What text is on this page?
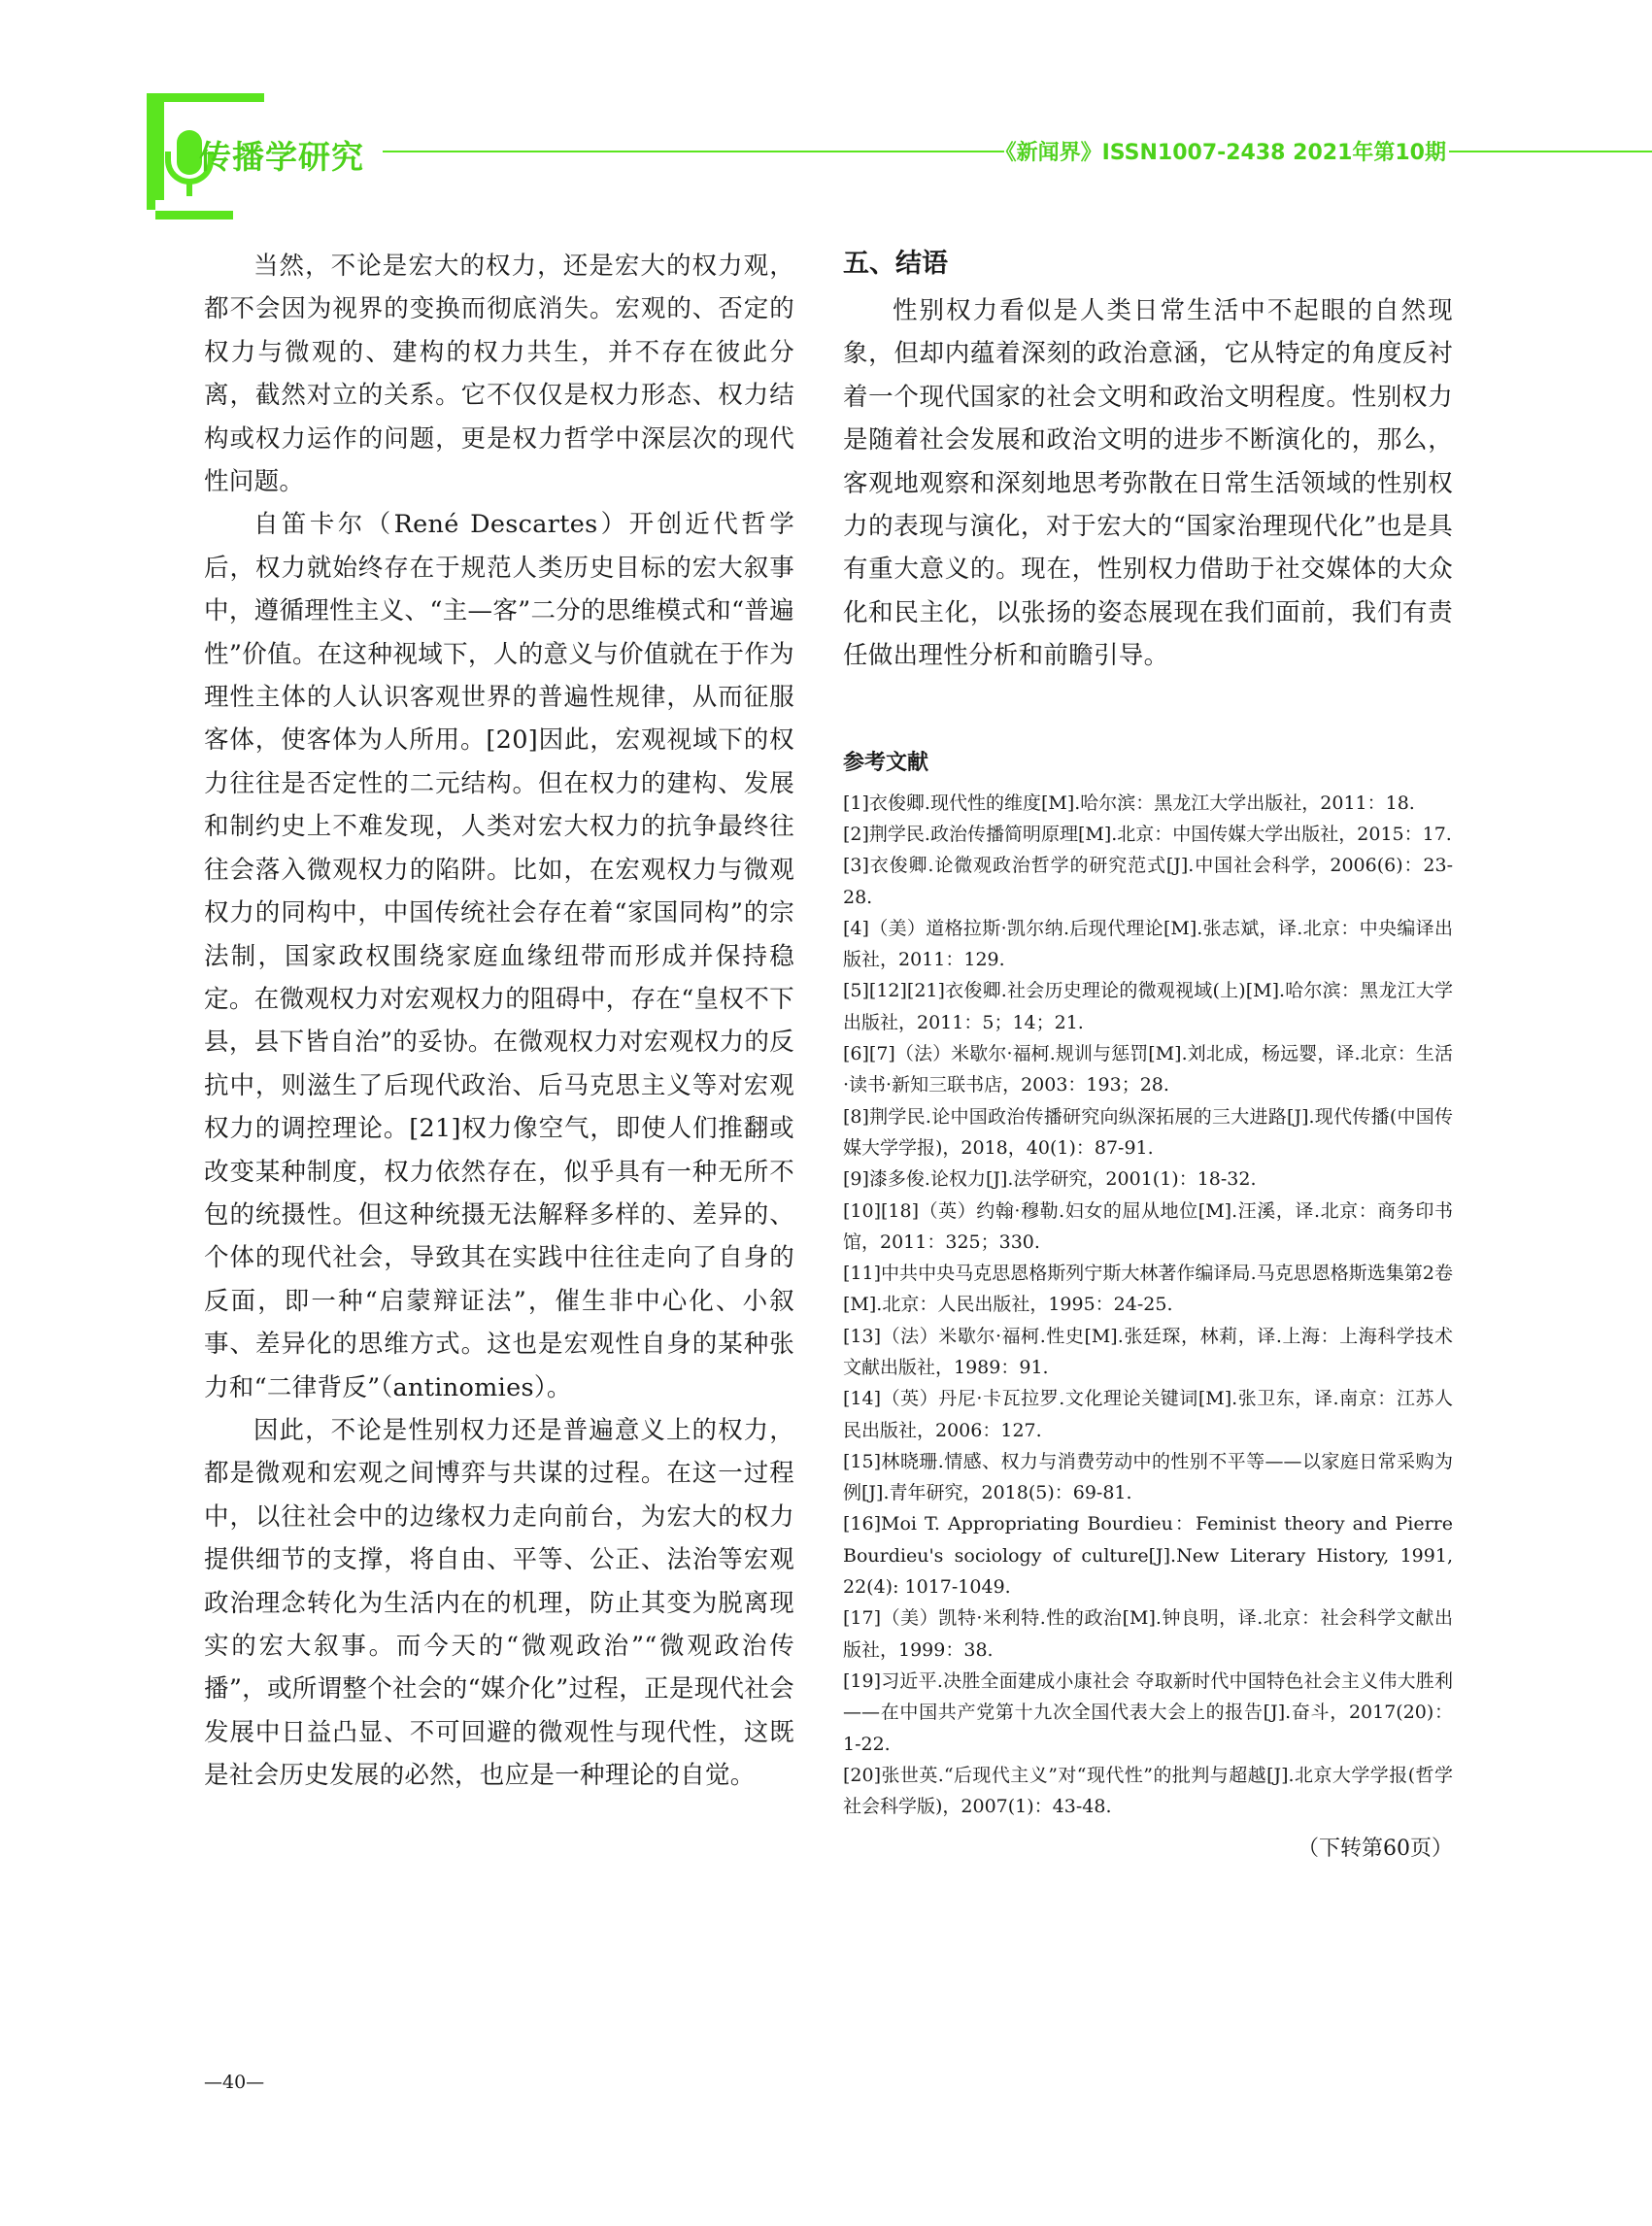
传播学研究	《新闻界》ISSN1007-2438 2021年第10期

当然，不论是宏大的权力，还是宏大的权力观，都不会因为视界的变换而彻底消失。宏观的、否定的权力与微观的、建构的权力共生，并不存在彼此分离，截然对立的关系。它不仅仅是权力形态、权力结构或权力运作的问题，更是权力哲学中深层次的现代性问题。

自笛卡尔（René Descartes）开创近代哲学后，权力就始终存在于规范人类历史目标的宏大叙事中，遵循理性主义、“主—客”二分的思维模式和“普遍性”价值。在这种视域下，人的意义与价值就在于作为理性主体的人认识客观世界的普遍性规律，从而征服客体，使客体为人所用。[20]因此，宏观视域下的权力往往是否定性的二元结构。但在权力的建构、发展和制约史上不难发现，人类对宏大权力的抗争最终往往会落入微观权力的陷阱。比如，在宏观权力与微观权力的同构中，中国传统社会存在着“家国同构”的宗法制，国家政权围绕家庭血缘纽带而形成并保持稳定。在微观权力对宏观权力的阻碍中，存在“皇权不下县，县下皆自治”的妥协。在微观权力对宏观权力的反抗中，则滋生了后现代政治、后马克思主义等对宏观权力的调控理论。[21]权力像空气，即使人们推翻或改变某种制度，权力依然存在，似乎具有一种无所不包的统摄性。但这种统摄无法解释多样的、差异的、个体的现代社会，导致其在实践中往往走向了自身的反面，即一种“启蒙辩证法”，催生非中心化、小叙事、差异化的思维方式。这也是宏观性自身的某种张力和“二律背反”（antinomies）。

因此，不论是性别权力还是普遍意义上的权力，都是微观和宏观之间博弈与共谋的过程。在这一过程中，以往社会中的边缘权力走向前台，为宏大的权力提供细节的支撑，将自由、平等、公正、法治等宏观政治理念转化为生活内在的机理，防止其变为脱离现实的宏大叙事。而今天的“微观政治”“微观政治传播”，或所谓整个社会的“媒介化”过程，正是现代社会发展中日益凸显、不可回避的微观性与现代性，这既是社会历史发展的必然，也应是一种理论的自觉。

五、结语

性别权力看似是人类日常生活中不起眼的自然现象，但却内蕴着深刻的政治意涵，它从特定的角度反衬着一个现代国家的社会文明和政治文明程度。性别权力是随着社会发展和政治文明的进步不断演化的，那么，客观地观察和深刻地思考弥散在日常生活领域的性别权力的表现与演化，对于宏大的“国家治理现代化”也是具有重大意义的。现在，性别权力借助于社交媒体的大众化和民主化，以张扬的姿态展现在我们面前，我们有责任做出理性分析和前瞻引导。

参考文献

[1]衣俊卿.现代性的维度[M].哈尔滨：黑龙江大学出版社，2011：18.

[2]荆学民.政治传播简明原理[M].北京：中国传媒大学出版社，2015：17.

[3]衣俊卿.论微观政治哲学的研究范式[J].中国社会科学，2006(6)：23-28.

[4]（美）道格拉斯·凯尔纳.后现代理论[M].张志斌，译.北京：中央编译出版社，2011：129.

[5][12][21]衣俊卿.社会历史理论的微观视域(上)[M].哈尔滨：黑龙江大学出版社，2011：5；14；21.

[6][7]（法）米歇尔·福柯.规训与惩罚[M].刘北成，杨远婴，译.北京：生活·读书·新知三联书店，2003：193；28.

[8]荆学民.论中国政治传播研究向纵深拓展的三大进路[J].现代传播(中国传媒大学学报)，2018，40(1)：87-91.

[9]漆多俊.论权力[J].法学研究，2001(1)：18-32.

[10][18]（英）约翰·穆勒.妇女的屈从地位[M].汪溪，译.北京：商务印书馆，2011：325；330.

[11]中共中央马克思恩格斯列宁斯大林著作编译局.马克思恩格斯选集第2卷[M].北京：人民出版社，1995：24-25.

[13]（法）米歇尔·福柯.性史[M].张廷琛，林莉，译.上海：上海科学技术文献出版社，1989：91.

[14]（英）丹尼·卡瓦拉罗.文化理论关键词[M].张卫东，译.南京：江苏人民出版社，2006：127.

[15]林晓珊.情感、权力与消费劳动中的性别不平等——以家庭日常采购为例[J].青年研究，2018(5)：69-81.

[16]Moi T. Appropriating Bourdieu：Feminist theory and Pierre Bourdieu's sociology of culture[J].New Literary History, 1991, 22(4): 1017-1049.

[17]（美）凯特·米利特.性的政治[M].钟良明，译.北京：社会科学文献出版社，1999：38.

[19]习近平.决胜全面建成小康社会 夺取新时代中国特色社会主义伟大胜利——在中国共产党第十九次全国代表大会上的报告[J].奋斗，2017(20)：1-22.

[20]张世英.“后现代主义”对“现代性”的批判与超越[J].北京大学学报(哲学社会科学版)，2007(1)：43-48.

（下转第60页）
—40—
